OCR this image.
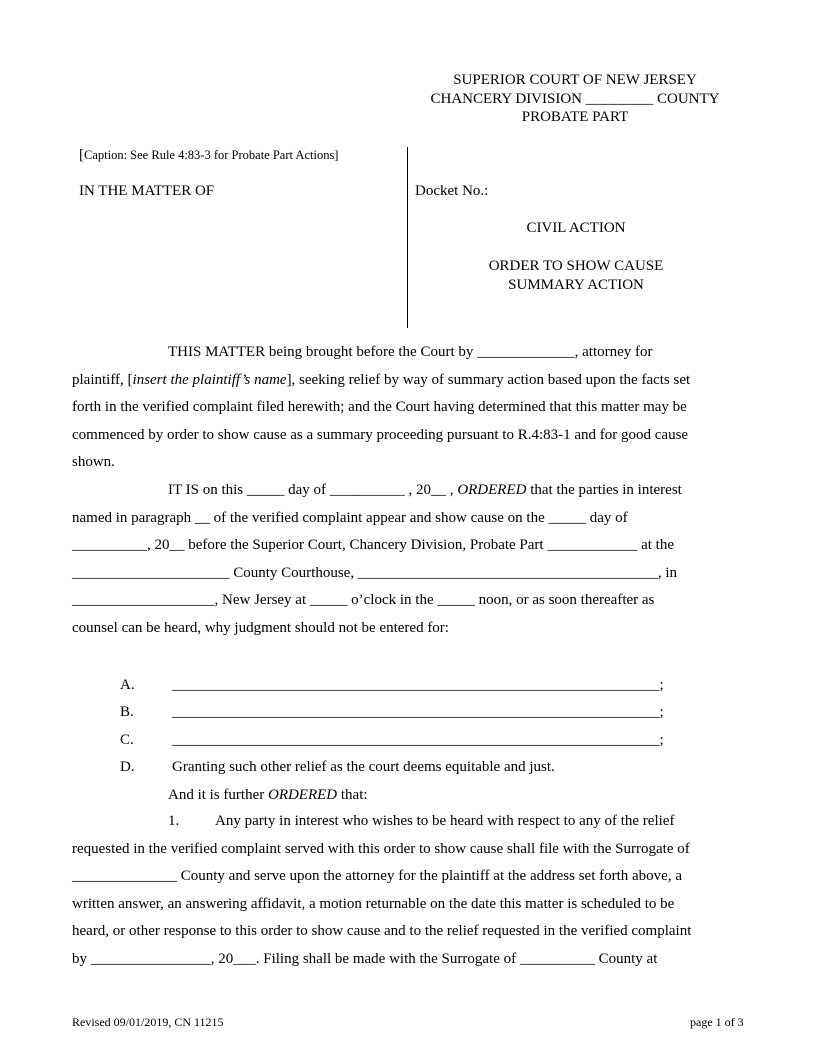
SUPERIOR COURT OF NEW JERSEY
CHANCERY DIVISION _________ COUNTY
PROBATE PART
[Caption: See Rule 4:83-3 for Probate Part Actions]
IN THE MATTER OF	Docket No.:
CIVIL ACTION
ORDER TO SHOW CAUSE
SUMMARY ACTION
THIS MATTER being brought before the Court by _____________, attorney for
plaintiff, [insert the plaintiff’s name], seeking relief by way of summary action based upon the facts set
forth in the verified complaint filed herewith; and the Court having determined that this matter may be
commenced by order to show cause as a summary proceeding pursuant to R.4:83-1 and for good cause
shown.
IT IS on this _____ day of __________ , 20__ , ORDERED that the parties in interest
named in paragraph __ of the verified complaint appear and show cause on the _____ day of
__________, 20__ before the Superior Court, Chancery Division, Probate Part ____________ at the
_____________________ County Courthouse, ________________________________________, in
___________________, New Jersey at _____ o’clock in the _____ noon, or as soon thereafter as
counsel can be heard, why judgment should not be entered for:
A. _________________________________________________________________;
B.	_________________________________________________________________;
C.	_________________________________________________________________;
D. Granting such other relief as the court deems equitable and just.
And it is further ORDERED that:
1. Any party in interest who wishes to be heard with respect to any of the relief
requested in the verified complaint served with this order to show cause shall file with the Surrogate of
______________ County and serve upon the attorney for the plaintiff at the address set forth above, a
written answer, an answering affidavit, a motion returnable on the date this matter is scheduled to be
heard, or other response to this order to show cause and to the relief requested in the verified complaint
by ________________, 20___. Filing shall be made with the Surrogate of __________ County at
Revised 09/01/2019, CN 11215	page 1 of 3
